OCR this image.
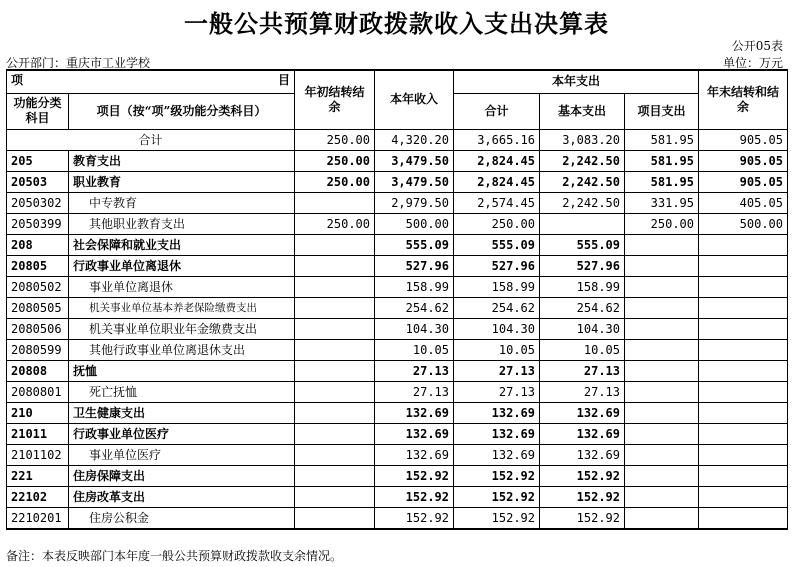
一般公共预算财政拨款收入支出决算表
公开05表
公开部门：重庆市工业学校	单位：万元
项 目		年初结转结余	本年收入	本年支出			年末结转和结余
功能分类科目	项目（按“项”级功能分类科目）			合计	基本支出	项目支出	
合计		250.00	4,320.20	3,665.16	3,083.20	581.95	905.05
205	教育支出	250.00	3,479.50	2,824.45	2,242.50	581.95	905.05
20503	职业教育	250.00	3,479.50	2,824.45	2,242.50	581.95	905.05
2050302	中专教育		2,979.50	2,574.45	2,242.50	331.95	405.05
2050399	其他职业教育支出	250.00	500.00	250.00		250.00	500.00
208	社会保障和就业支出		555.09	555.09	555.09		
20805	行政事业单位离退休		527.96	527.96	527.96		
2080502	事业单位离退休		158.99	158.99	158.99		
2080505	机关事业单位基本养老保险缴费支出		254.62	254.62	254.62		
2080506	机关事业单位职业年金缴费支出		104.30	104.30	104.30		
2080599	其他行政事业单位离退休支出		10.05	10.05	10.05		
20808	抚恤		27.13	27.13	27.13		
2080801	死亡抚恤		27.13	27.13	27.13		
210	卫生健康支出		132.69	132.69	132.69		
21011	行政事业单位医疗		132.69	132.69	132.69		
2101102	事业单位医疗		132.69	132.69	132.69		
221	住房保障支出		152.92	152.92	152.92		
22102	住房改革支出		152.92	152.92	152.92		
2210201	住房公积金		152.92	152.92	152.92		
备注：本表反映部门本年度一般公共预算财政拨款收支余情况。
